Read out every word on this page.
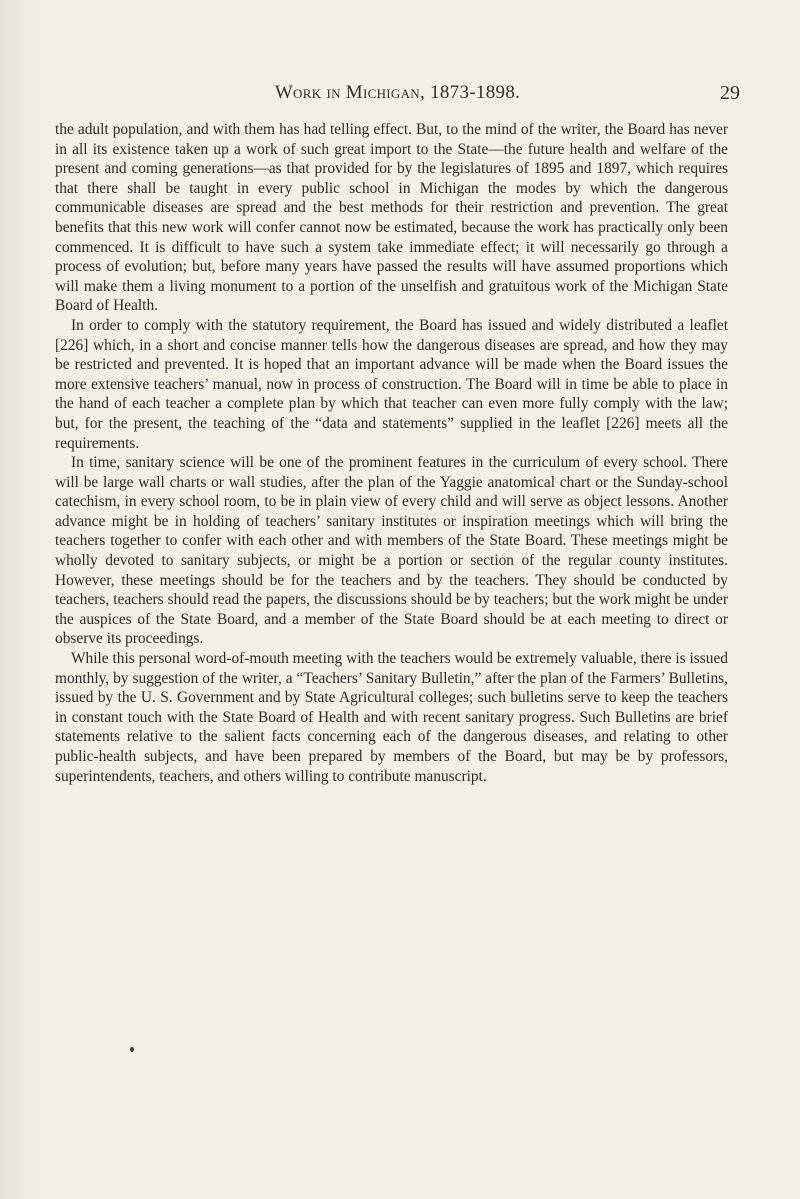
Work in Michigan, 1873-1898.	29

the adult population, and with them has had telling effect. But, to the mind of the writer, the Board has never in all its existence taken up a work of such great import to the State—the future health and welfare of the present and coming generations—as that provided for by the legislatures of 1895 and 1897, which requires that there shall be taught in every public school in Michigan the modes by which the dangerous communicable diseases are spread and the best methods for their restriction and prevention. The great benefits that this new work will confer cannot now be estimated, because the work has practically only been commenced. It is difficult to have such a system take immediate effect; it will necessarily go through a process of evolution; but, before many years have passed the results will have assumed proportions which will make them a living monument to a portion of the unselfish and gratuitous work of the Michigan State Board of Health.

In order to comply with the statutory requirement, the Board has issued and widely distributed a leaflet [226] which, in a short and concise manner tells how the dangerous diseases are spread, and how they may be restricted and prevented. It is hoped that an important advance will be made when the Board issues the more extensive teachers’ manual, now in process of construction. The Board will in time be able to place in the hand of each teacher a complete plan by which that teacher can even more fully comply with the law; but, for the present, the teaching of the “data and statements” supplied in the leaflet [226] meets all the requirements.

In time, sanitary science will be one of the prominent features in the curriculum of every school. There will be large wall charts or wall studies, after the plan of the Yaggie anatomical chart or the Sunday-school catechism, in every school room, to be in plain view of every child and will serve as object lessons. Another advance might be in holding of teachers’ sanitary institutes or inspiration meetings which will bring the teachers together to confer with each other and with members of the State Board. These meetings might be wholly devoted to sanitary subjects, or might be a portion or section of the regular county institutes. However, these meetings should be for the teachers and by the teachers. They should be conducted by teachers, teachers should read the papers, the discussions should be by teachers; but the work might be under the auspices of the State Board, and a member of the State Board should be at each meeting to direct or observe its proceedings.

While this personal word-of-mouth meeting with the teachers would be extremely valuable, there is issued monthly, by suggestion of the writer, a “Teachers’ Sanitary Bulletin,” after the plan of the Farmers’ Bulletins, issued by the U. S. Government and by State Agricultural colleges; such bulletins serve to keep the teachers in constant touch with the State Board of Health and with recent sanitary progress. Such Bulletins are brief statements relative to the salient facts concerning each of the dangerous diseases, and relating to other public-health subjects, and have been prepared by members of the Board, but may be by professors, superintendents, teachers, and others willing to contribute manuscript.
